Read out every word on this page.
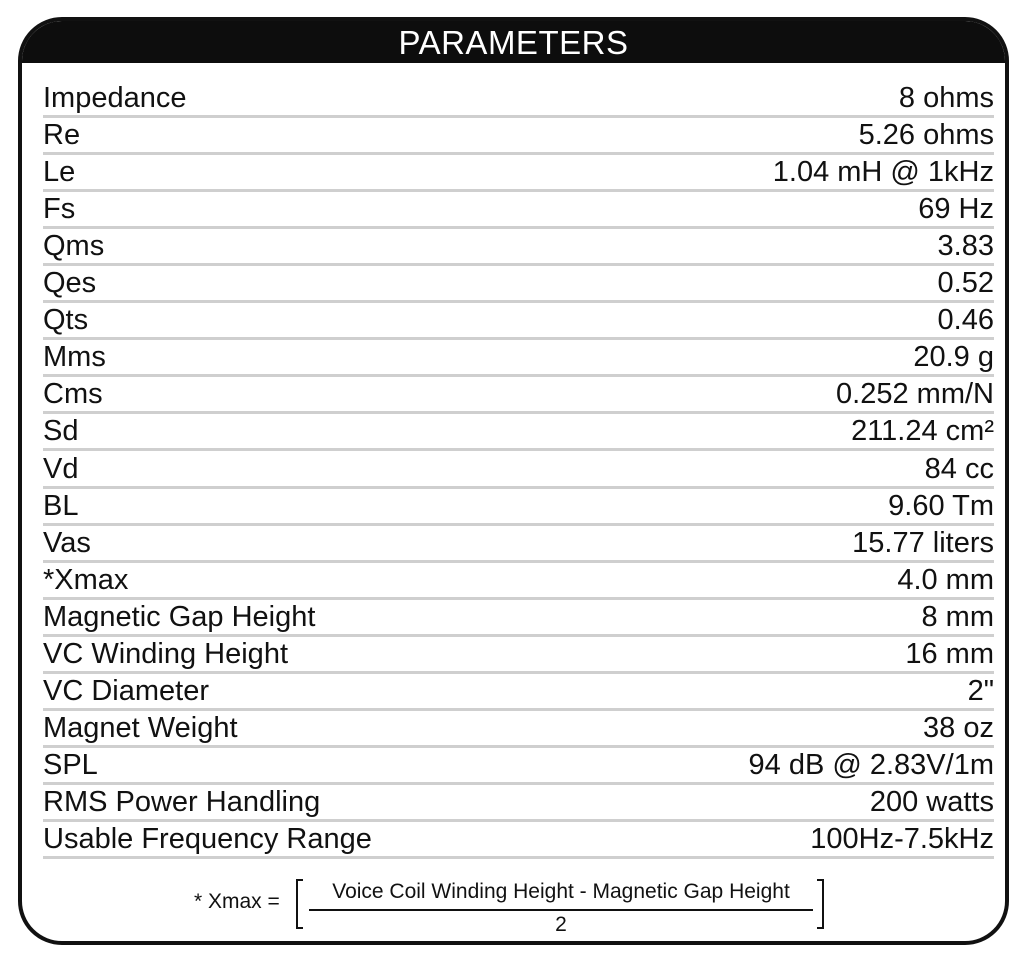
PARAMETERS
Impedance	8 ohms
Re	5.26 ohms
Le	1.04 mH @ 1kHz
Fs	69 Hz
Qms	3.83
Qes	0.52
Qts	0.46
Mms	20.9 g
Cms	0.252 mm/N
Sd	211.24 cm²
Vd	84 cc
BL	9.60 Tm
Vas	15.77 liters
*Xmax	4.0 mm
Magnetic Gap Height	8 mm
VC Winding Height	16 mm
VC Diameter	2"
Magnet Weight	38 oz
SPL	94 dB @ 2.83V/1m
RMS Power Handling	200 watts
Usable Frequency Range	100Hz-7.5kHz
* Xmax =	Voice Coil Winding Height - Magnetic Gap Height
2
